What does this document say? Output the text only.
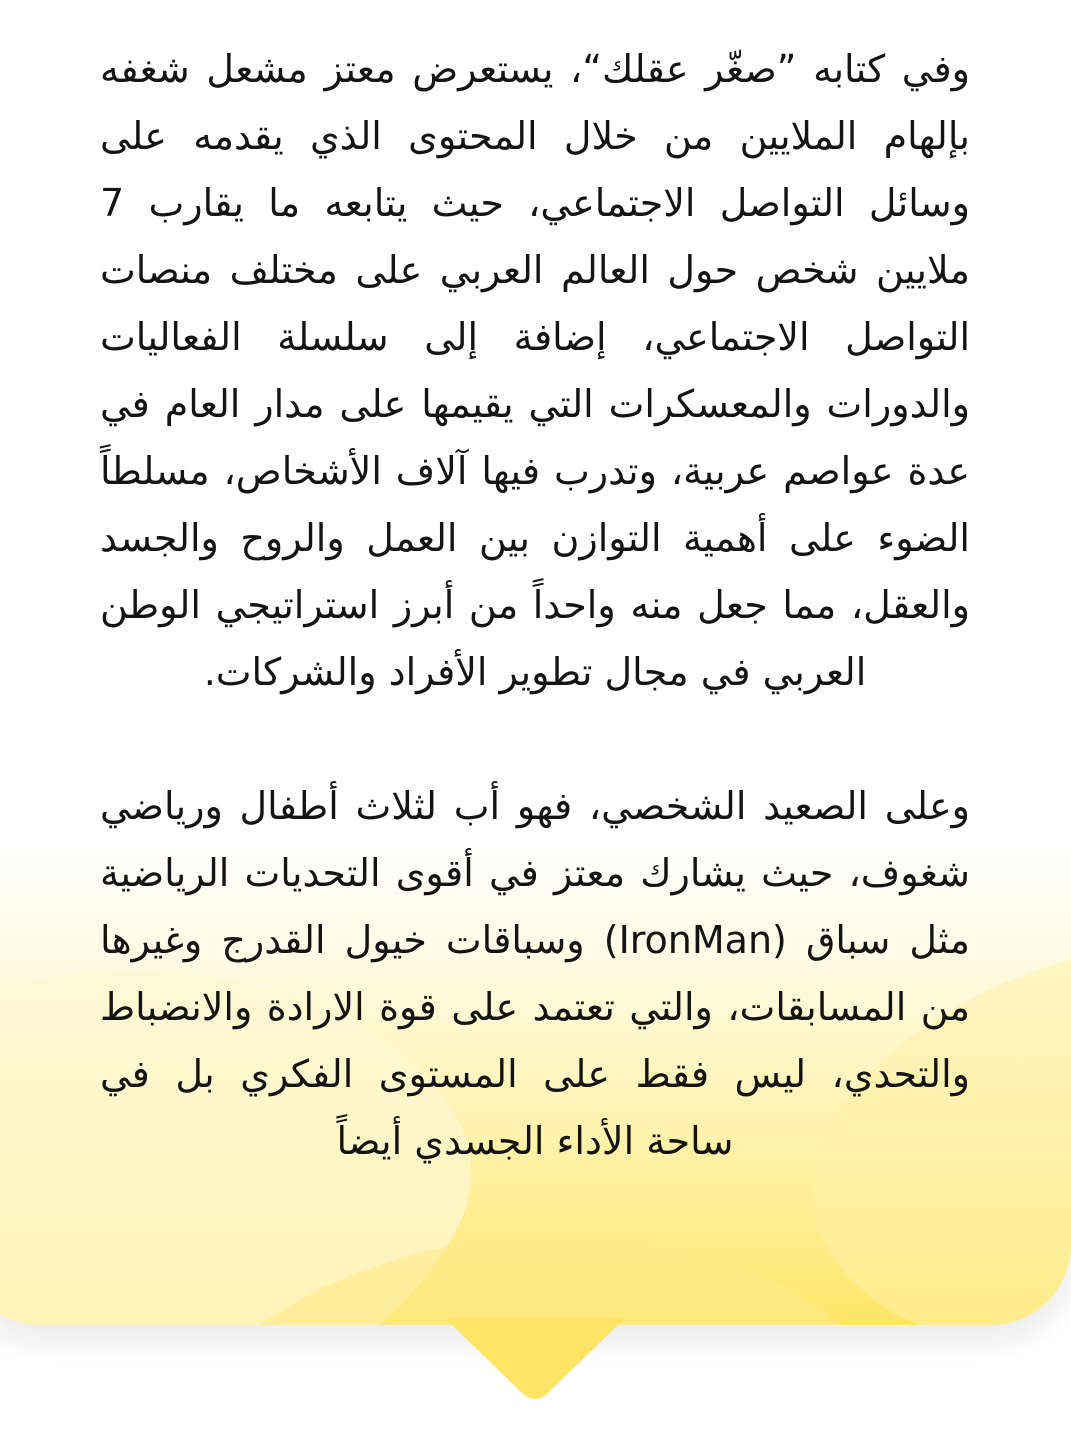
وفي كتابه ”صغّر عقلك“، يستعرض معتز مشعل شغفه بإلهام الملايين من خلال المحتوى الذي يقدمه على وسائل التواصل الاجتماعي، حيث يتابعه ما يقارب 7 ملايين شخص حول العالم العربي على مختلف منصات التواصل الاجتماعي، إضافة إلى سلسلة الفعاليات والدورات والمعسكرات التي يقيمها على مدار العام في عدة عواصم عربية، وتدرب فيها آلاف الأشخاص، مسلطاً الضوء على أهمية التوازن بين العمل والروح والجسد والعقل، مما جعل منه واحداً من أبرز استراتيجي الوطن العربي في مجال تطوير الأفراد والشركات.

وعلى الصعيد الشخصي، فهو أب لثلاث أطفال ورياضي شغوف، حيث يشارك معتز في أقوى التحديات الرياضية مثل سباق (IronMan) وسباقات خيول القدرج وغيرها من المسابقات، والتي تعتمد على قوة الارادة والانضباط والتحدي، ليس فقط على المستوى الفكري بل في ساحة الأداء الجسدي أيضاً
